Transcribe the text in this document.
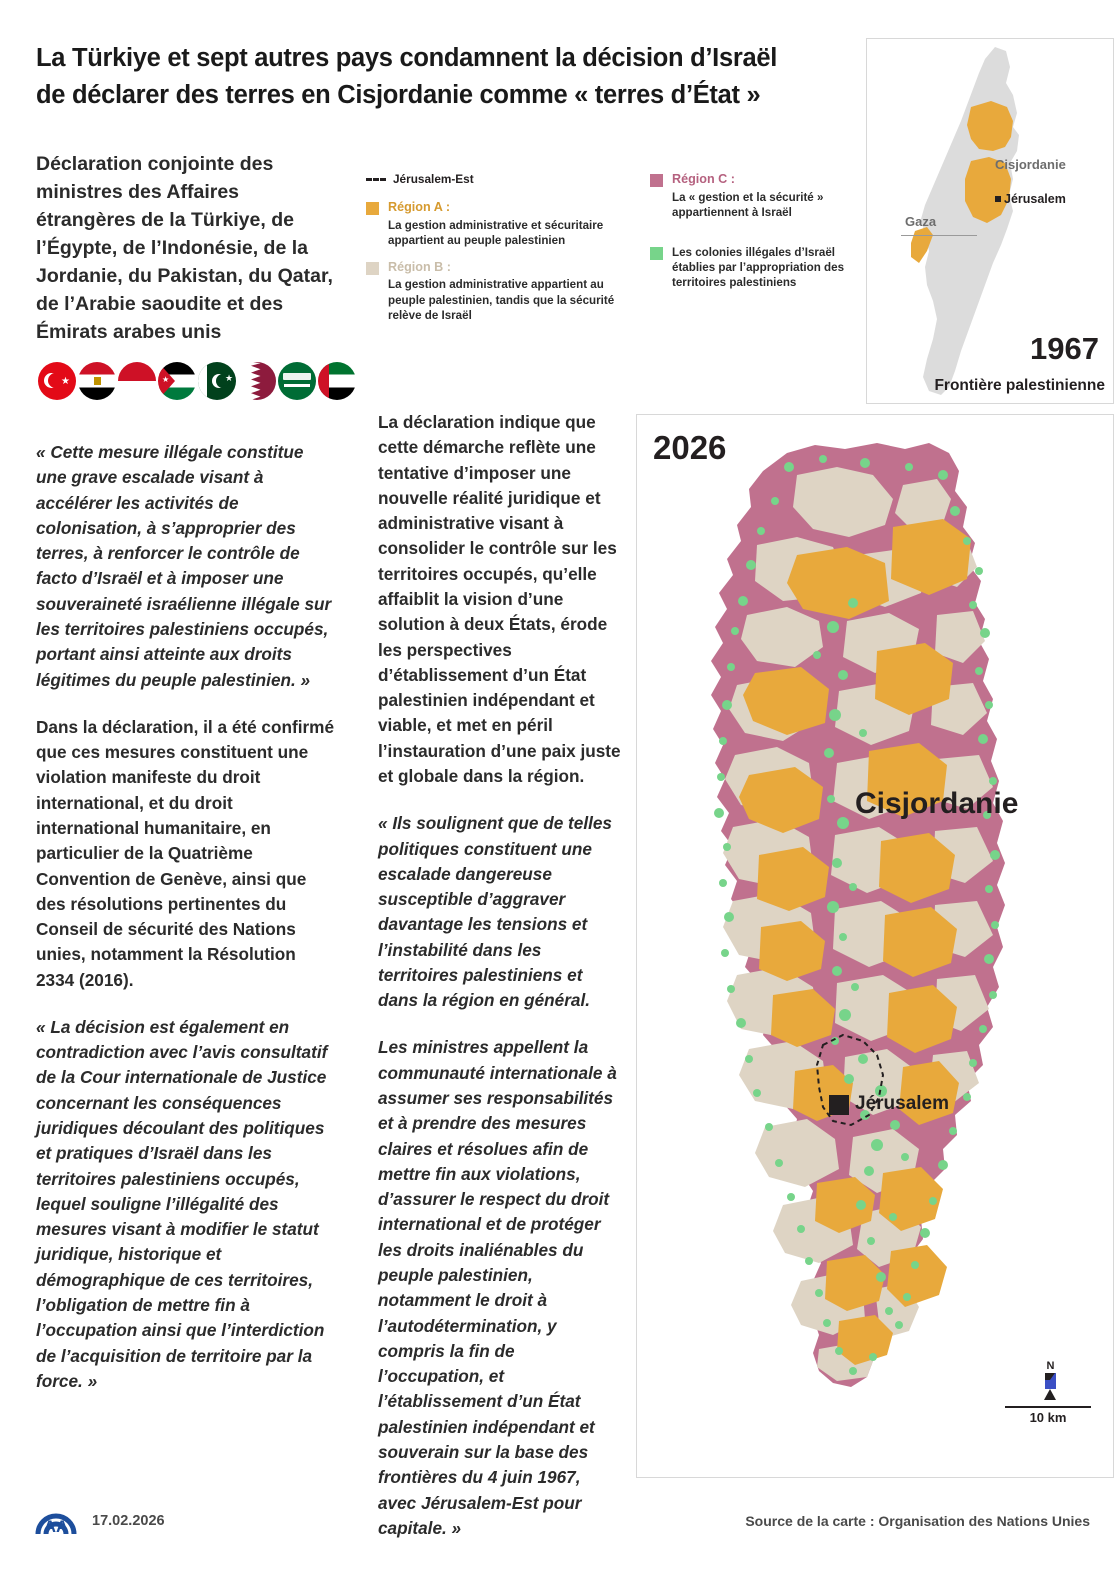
La Türkiye et sept autres pays condamnent la décision d’Israël
de déclarer des terres en Cisjordanie comme « terres d’État »
Déclaration conjointe des ministres des Affaires étrangères de la Türkiye, de l’Égypte, de l’Indonésie, de la Jordanie, du Pakistan, du Qatar, de l’Arabie saoudite et des Émirats arabes unis
★	★	★
Jérusalem-Est
Région A :
La gestion administrative et sécuritaire appartient au peuple palestinien
Région B :
La gestion administrative appartient au peuple palestinien, tandis que la sécurité relève de Israël
Région C :
La « gestion et la sécurité » appartiennent à Israël
Les colonies illégales d’Israël établies par l’appropriation des territoires palestiniens
Cisjordanie
Jérusalem
Gaza
1967
Frontière palestinienne

« Cette mesure illégale constitue une grave escalade visant à accélérer les activités de colonisation, à s’approprier des terres, à renforcer le contrôle de facto d’Israël et à imposer une souveraineté israélienne illégale sur les territoires palestiniens occupés, portant ainsi atteinte aux droits légitimes du peuple palestinien. »

Dans la déclaration, il a été confirmé que ces mesures constituent une violation manifeste du droit international, et du droit international humanitaire, en particulier de la Quatrième Convention de Genève, ainsi que des résolutions pertinentes du Conseil de sécurité des Nations unies, notamment la Résolution 2334 (2016).

« La décision est également en contradiction avec l’avis consultatif de la Cour internationale de Justice concernant les conséquences juridiques découlant des politiques et pratiques d’Israël dans les territoires palestiniens occupés, lequel souligne l’illégalité des mesures visant à modifier le statut juridique, historique et démographique de ces territoires, l’obligation de mettre fin à l’occupation ainsi que l’interdiction de l’acquisition de territoire par la force. »

La déclaration indique que cette démarche reflète une tentative d’imposer une nouvelle réalité juridique et administrative visant à consolider le contrôle sur les territoires occupés, qu’elle affaiblit la vision d’une solution à deux États, érode les perspectives d’établissement d’un État palestinien indépendant et viable, et met en péril l’instauration d’une paix juste et globale dans la région.

« Ils soulignent que de telles politiques constituent une escalade dangereuse susceptible d’aggraver davantage les tensions et l’instabilité dans les territoires palestiniens et dans la région en général.

Les ministres appellent la communauté internationale à assumer ses responsabilités et à prendre des mesures claires et résolues afin de mettre fin aux violations, d’assurer le respect du droit international et de protéger les droits inaliénables du peuple palestinien, notamment le droit à l’autodétermination, y compris la fin de l’occupation, et l’établissement d’un État palestinien indépendant et souverain sur la base des frontières du 4 juin 1967, avec Jérusalem-Est pour capitale. »

2026
Cisjordanie
Jérusalem
N
10 km
AA 17.02.2026	Source de la carte : Organisation des Nations Unies
